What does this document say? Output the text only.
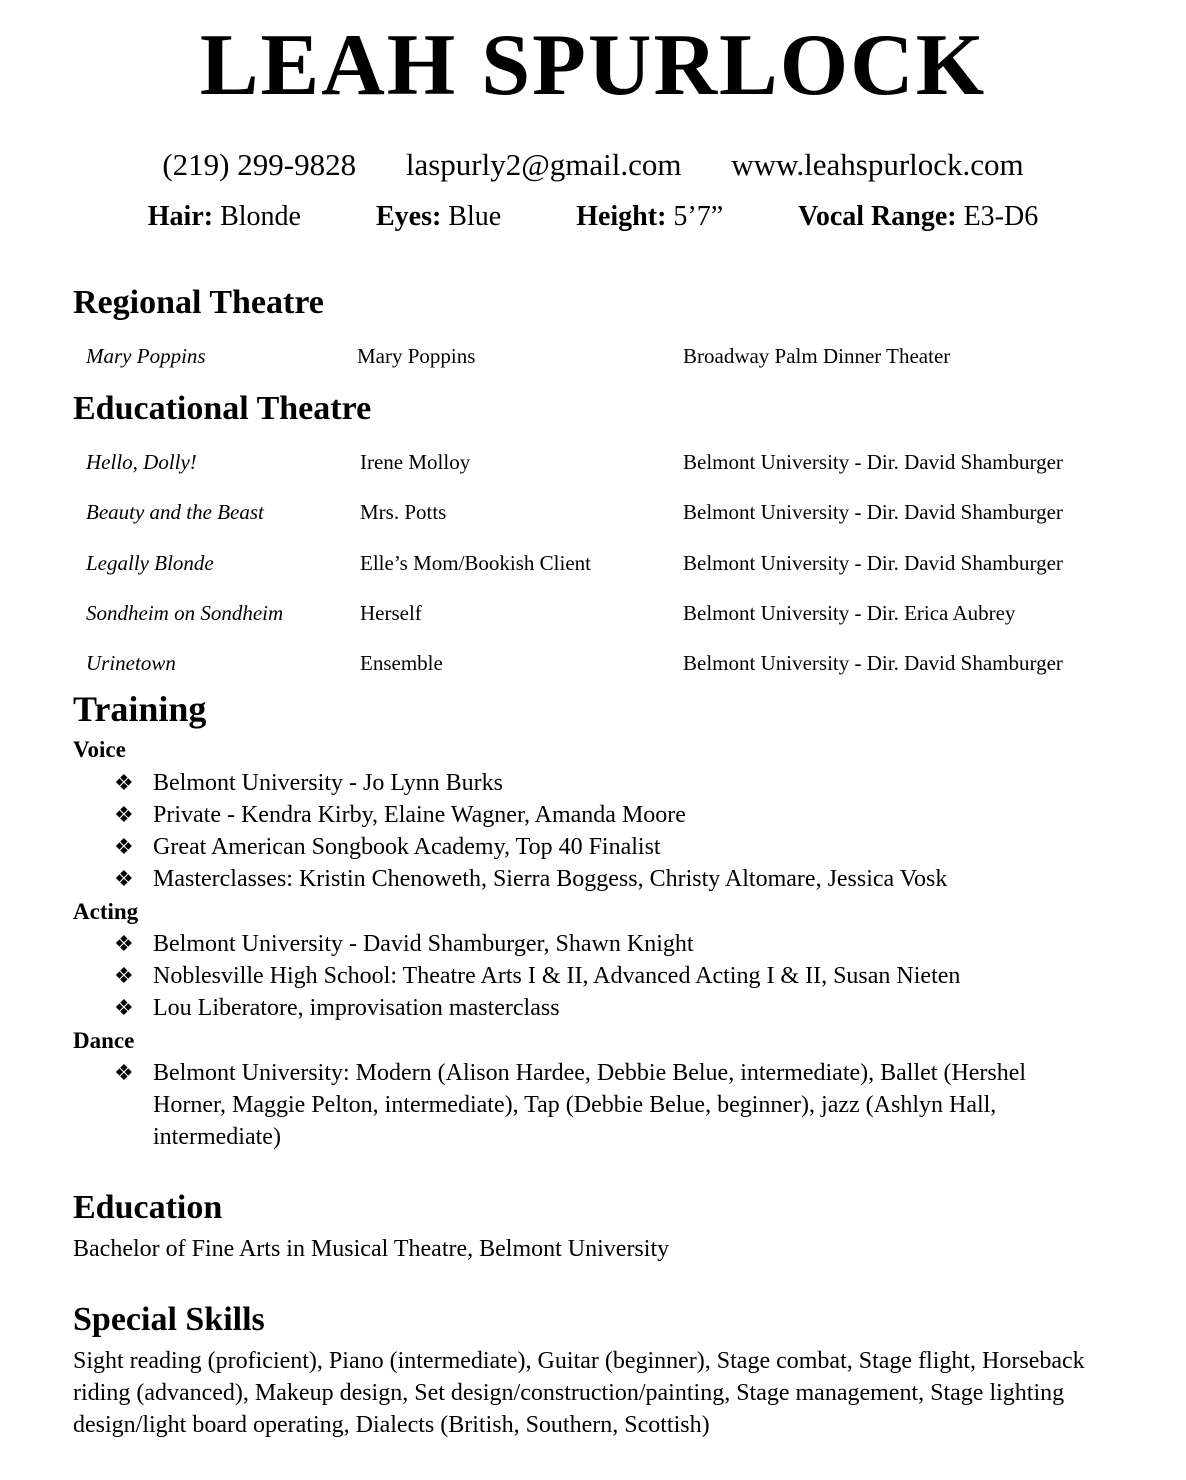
LEAH SPURLOCK
(219) 299-9828 laspurly2@gmail.com www.leahspurlock.com
Hair: Blonde	Eyes: Blue	Height: 5’7”	Vocal Range: E3-D6
Regional Theatre
Mary Poppins	Mary Poppins	Broadway Palm Dinner Theater
Educational Theatre
Hello, Dolly!	Irene Molloy	Belmont University - Dir. David Shamburger
Beauty and the Beast	Mrs. Potts	Belmont University - Dir. David Shamburger
Legally Blonde	Elle’s Mom/Bookish Client	Belmont University - Dir. David Shamburger
Sondheim on Sondheim	Herself	Belmont University - Dir. Erica Aubrey
Urinetown	Ensemble	Belmont University - Dir. David Shamburger
Training
Voice
❖ Belmont University - Jo Lynn Burks
❖ Private - Kendra Kirby, Elaine Wagner, Amanda Moore
❖ Great American Songbook Academy, Top 40 Finalist
❖ Masterclasses: Kristin Chenoweth, Sierra Boggess, Christy Altomare, Jessica Vosk
Acting
❖ Belmont University - David Shamburger, Shawn Knight
❖ Noblesville High School: Theatre Arts I & II, Advanced Acting I & II, Susan Nieten
❖ Lou Liberatore, improvisation masterclass
Dance
❖ Belmont University: Modern (Alison Hardee, Debbie Belue, intermediate), Ballet (Hershel Horner, Maggie Pelton, intermediate), Tap (Debbie Belue, beginner), jazz (Ashlyn Hall, intermediate)
Education
Bachelor of Fine Arts in Musical Theatre, Belmont University
Special Skills
Sight reading (proficient), Piano (intermediate), Guitar (beginner), Stage combat, Stage flight, Horseback riding (advanced), Makeup design, Set design/construction/painting, Stage management, Stage lighting design/light board operating, Dialects (British, Southern, Scottish)
